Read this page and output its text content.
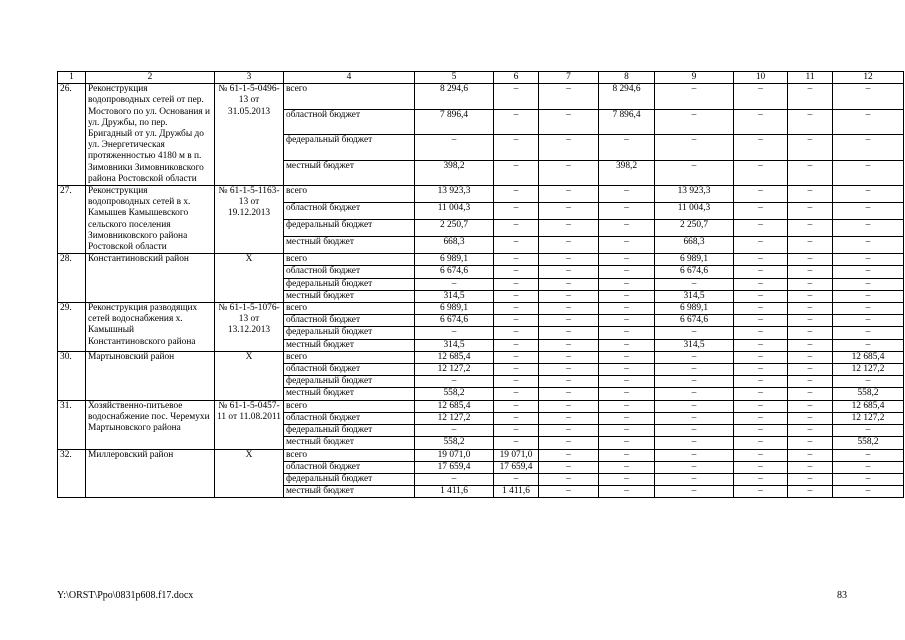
1	2	3	4	5	6	7	8	9	10	11	12
26.	Реконструкция водопроводных сетей от пер. Мостового по ул. Основания и ул. Дружбы, по пер. Бригадный от ул. Дружбы до ул. Энергетическая протяженностью 4180 м в п. Зимовники Зимовниковского района Ростовской области	№ 61-1-5-0496-13 от 31.05.2013	всего	8 294,6	–	–	8 294,6	–	–	–	–
			областной бюджет	7 896,4	–	–	7 896,4	–	–	–	–
			федеральный бюджет	–	–	–	–	–	–	–	–
			местный бюджет	398,2	–	–	398,2	–	–	–	–
27.	Реконструкция водопроводных сетей в х. Камышев Камышевского сельского поселения Зимовниковского района Ростовской области	№ 61-1-5-1163-13 от 19.12.2013	всего	13 923,3	–	–	–	13 923,3	–	–	–
			областной бюджет	11 004,3	–	–	–	11 004,3	–	–	–
			федеральный бюджет	2 250,7	–	–	–	2 250,7	–	–	–
			местный бюджет	668,3	–	–	–	668,3	–	–	–
28.	Константиновский район	Х	всего	6 989,1	–	–	–	6 989,1	–	–	–
			областной бюджет	6 674,6	–	–	–	6 674,6	–	–	–
			федеральный бюджет	–	–	–	–	–	–	–	–
			местный бюджет	314,5	–	–	–	314,5	–	–	–
29.	Реконструкция разводящих сетей водоснабжения х. Камышный Константиновского района	№ 61-1-5-1076-13 от 13.12.2013	всего	6 989,1	–	–	–	6 989,1	–	–	–
			областной бюджет	6 674,6	–	–	–	6 674,6	–	–	–
			федеральный бюджет	–	–	–	–	–	–	–	–
			местный бюджет	314,5	–	–	–	314,5	–	–	–
30.	Мартыновский район	Х	всего	12 685,4	–	–	–	–	–	–	12 685,4
			областной бюджет	12 127,2	–	–	–	–	–	–	12 127,2
			федеральный бюджет	–	–	–	–	–	–	–	–
			местный бюджет	558,2	–	–	–	–	–	–	558,2
31.	Хозяйственно-питьевое водоснабжение пос. Черемухи Мартыновского района	№ 61-1-5-0457-11 от 11.08.2011	всего	12 685,4	–	–	–	–	–	–	12 685,4
			областной бюджет	12 127,2	–	–	–	–	–	–	12 127,2
			федеральный бюджет	–	–	–	–	–	–	–	–
			местный бюджет	558,2	–	–	–	–	–	–	558,2
32.	Миллеровский район	Х	всего	19 071,0	19 071,0	–	–	–	–	–	–
			областной бюджет	17 659,4	17 659,4	–	–	–	–	–	–
			федеральный бюджет	–	–	–	–	–	–	–	–
			местный бюджет	1 411,6	1 411,6	–	–	–	–	–	–
Y:\ORST\Ppo\0831p608.f17.docx	83
